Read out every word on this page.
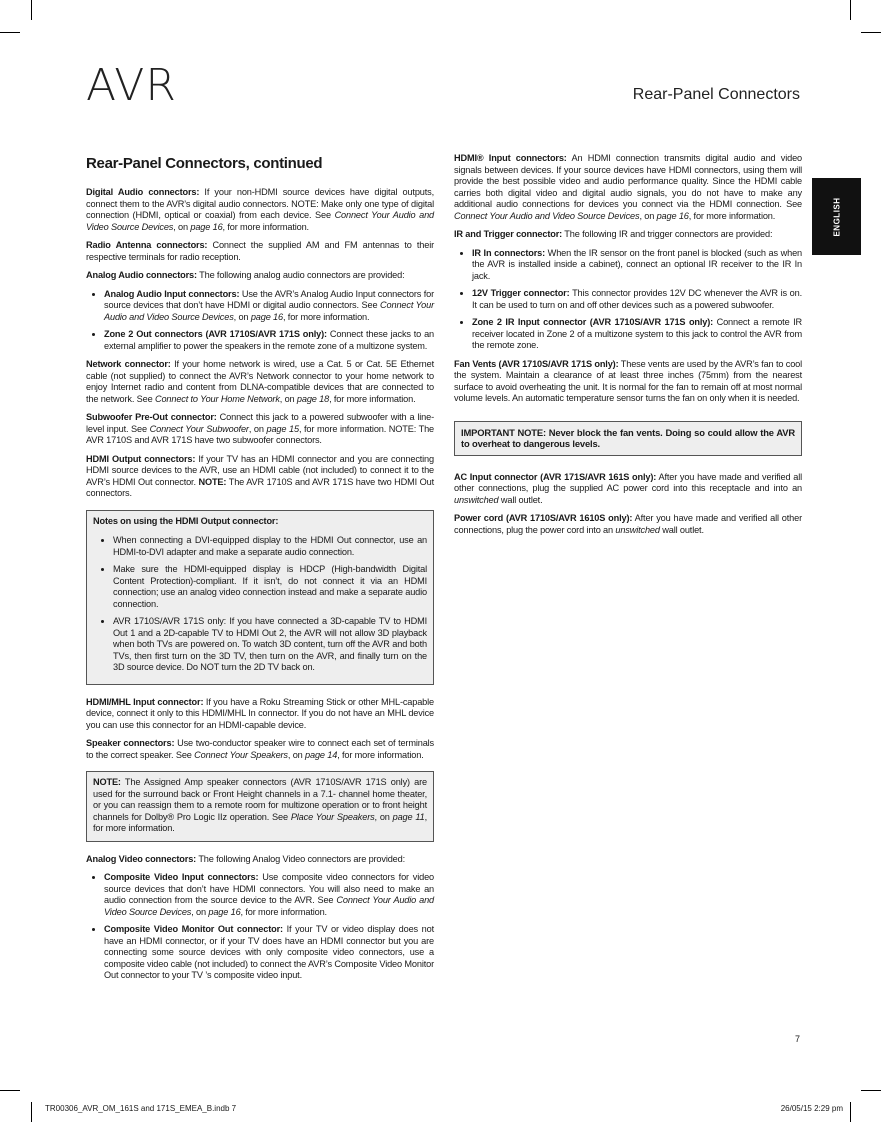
AVR	Rear-Panel Connectors
ENGLISH
Rear-Panel Connectors, continued

Digital Audio connectors: If your non-HDMI source devices have digital outputs, connect them to the AVR’s digital audio connectors. NOTE: Make only one type of digital connection (HDMI, optical or coaxial) from each device. See Connect Your Audio and Video Source Devices, on page 16, for more information.

Radio Antenna connectors: Connect the supplied AM and FM antennas to their respective terminals for radio reception.

Analog Audio connectors: The following analog audio connectors are provided:

• Analog Audio Input connectors: Use the AVR’s Analog Audio Input connectors for source devices that don’t have HDMI or digital audio connectors. See Connect Your Audio and Video Source Devices, on page 16, for more information.
• Zone 2 Out connectors (AVR 1710S/AVR 171S only): Connect these jacks to an external amplifier to power the speakers in the remote zone of a multizone system.

Network connector: If your home network is wired, use a Cat. 5 or Cat. 5E Ethernet cable (not supplied) to connect the AVR’s Network connector to your home network to enjoy Internet radio and content from DLNA-compatible devices that are connected to the network. See Connect to Your Home Network, on page 18, for more information.

Subwoofer Pre-Out connector: Connect this jack to a powered subwoofer with a line-level input. See Connect Your Subwoofer, on page 15, for more information. NOTE: The AVR 1710S and AVR 171S have two subwoofer connectors.

HDMI Output connectors: If your TV has an HDMI connector and you are connecting HDMI source devices to the AVR, use an HDMI cable (not included) to connect it to the AVR’s HDMI Out connector. NOTE: The AVR 1710S and AVR 171S have two HDMI Out connectors.

Notes on using the HDMI Output connector:
• When connecting a DVI-equipped display to the HDMI Out connector, use an HDMI-to-DVI adapter and make a separate audio connection.
• Make sure the HDMI-equipped display is HDCP (High-bandwidth Digital Content Protection)-compliant. If it isn’t, do not connect it via an HDMI connection; use an analog video connection instead and make a separate audio connection.
• AVR 1710S/AVR 171S only: If you have connected a 3D-capable TV to HDMI Out 1 and a 2D-capable TV to HDMI Out 2, the AVR will not allow 3D playback when both TVs are powered on. To watch 3D content, turn off the AVR and both TVs, then first turn on the 3D TV, then turn on the AVR, and finally turn on the 3D source device. Do NOT turn the 2D TV back on.

HDMI/MHL Input connector: If you have a Roku Streaming Stick or other MHL-capable device, connect it only to this HDMI/MHL In connector. If you do not have an MHL device you can use this connector for an HDMI-capable device.

Speaker connectors: Use two-conductor speaker wire to connect each set of terminals to the correct speaker. See Connect Your Speakers, on page 14, for more information.

NOTE: The Assigned Amp speaker connectors (AVR 1710S/AVR 171S only) are used for the surround back or Front Height channels in a 7.1- channel home theater, or you can reassign them to a remote room for multizone operation or to front height channels for Dolby® Pro Logic IIz operation. See Place Your Speakers, on page 11, for more information.

Analog Video connectors: The following Analog Video connectors are provided:

• Composite Video Input connectors: Use composite video connectors for video source devices that don’t have HDMI connectors. You will also need to make an audio connection from the source device to the AVR. See Connect Your Audio and Video Source Devices, on page 16, for more information.
• Composite Video Monitor Out connector: If your TV or video display does not have an HDMI connector, or if your TV does have an HDMI connector but you are connecting some source devices with only composite video connectors, use a composite video cable (not included) to connect the AVR’s Composite Video Monitor Out connector to your TV ’s composite video input.

HDMI® Input connectors: An HDMI connection transmits digital audio and video signals between devices. If your source devices have HDMI connectors, using them will provide the best possible video and audio performance quality. Since the HDMI cable carries both digital video and digital audio signals, you do not have to make any additional audio connections for devices you connect via the HDMI connection. See Connect Your Audio and Video Source Devices, on page 16, for more information.

IR and Trigger connector: The following IR and trigger connectors are provided:

• IR In connectors: When the IR sensor on the front panel is blocked (such as when the AVR is installed inside a cabinet), connect an optional IR receiver to the IR In jack.
• 12V Trigger connector: This connector provides 12V DC whenever the AVR is on. It can be used to turn on and off other devices such as a powered subwoofer.
• Zone 2 IR Input connector (AVR 1710S/AVR 171S only): Connect a remote IR receiver located in Zone 2 of a multizone system to this jack to control the AVR from the remote zone.

Fan Vents (AVR 1710S/AVR 171S only): These vents are used by the AVR’s fan to cool the system. Maintain a clearance of at least three inches (75mm) from the nearest surface to avoid overheating the unit. It is normal for the fan to remain off at most normal volume levels. An automatic temperature sensor turns the fan on only when it is needed.

IMPORTANT NOTE: Never block the fan vents. Doing so could allow the AVR to overheat to dangerous levels.

AC Input connector (AVR 171S/AVR 161S only): After you have made and verified all other connections, plug the supplied AC power cord into this receptacle and into an unswitched wall outlet.

Power cord (AVR 1710S/AVR 1610S only): After you have made and verified all other connections, plug the power cord into an unswitched wall outlet.

7
TR00306_AVR_OM_161S and 171S_EMEA_B.indb 7	26/05/15 2:29 pm
